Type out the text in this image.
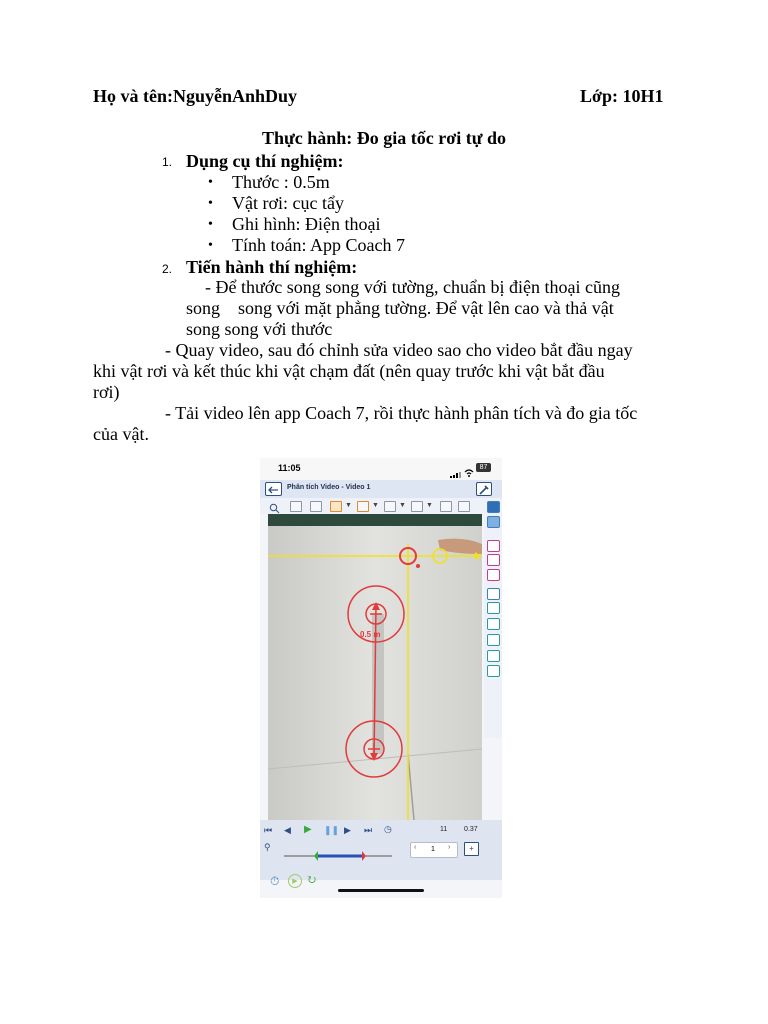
Họ và tên:NguyễnAnhDuy	Lớp: 10H1
Thực hành: Đo gia tốc rơi tự do
1. Dụng cụ thí nghiệm:
• Thước : 0.5m
• Vật rơi: cục tẩy
• Ghi hình: Điện thoại
• Tính toán: App Coach 7
2. Tiến hành thí nghiệm:
- Để thước song song với tường, chuẩn bị điện thoại cũng
song    song với mặt phẳng tường. Để vật lên cao và thả vật
song song với thước
- Quay video, sau đó chỉnh sửa video sao cho video bắt đầu ngay
khi vật rơi và kết thúc khi vật chạm đất (nên quay trước khi vật bắt đầu
rơi)
- Tải video lên app Coach 7, rồi thực hành phân tích và đo gia tốc
của vật.
11:05	87
Phân tích Video - Video 1
▼	▼	▼	▼
0.5 m
⏮ ◀︎ ▶ ❚❚ ▶︎ ⏭ ◷	11 0.37
⚲	‹ 1 ›	+
⏱	▶ ↻
